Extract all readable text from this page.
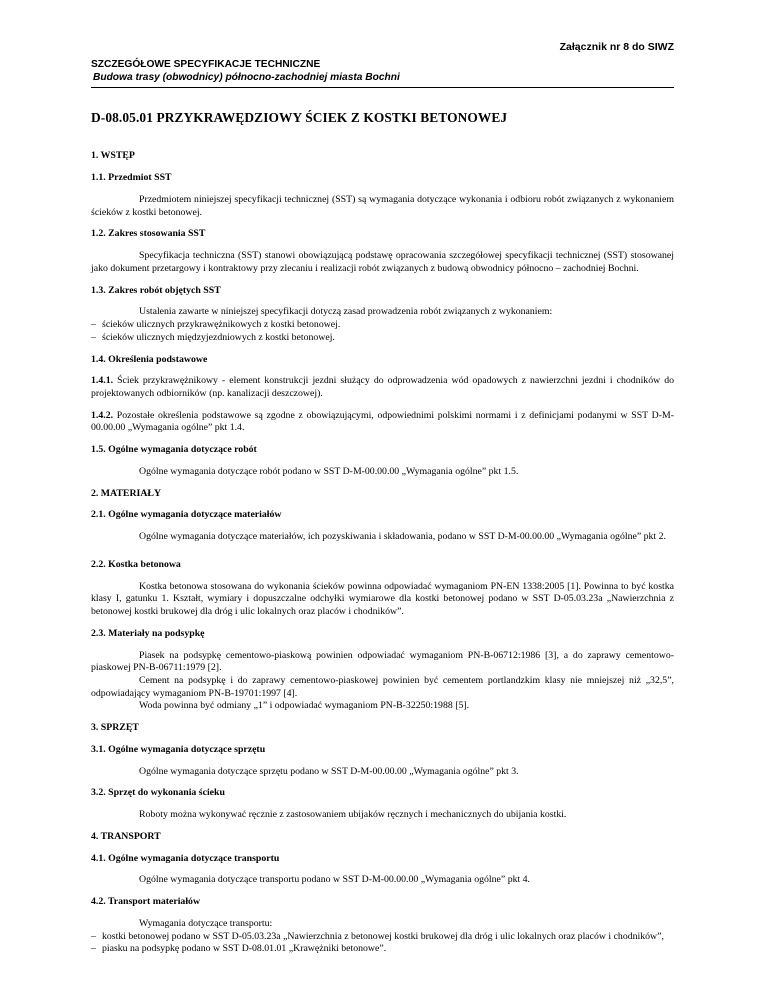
Załącznik nr 8 do SIWZ
SZCZEGÓŁOWE SPECYFIKACJE TECHNICZNE
Budowa trasy (obwodnicy) północno-zachodniej miasta Bochni
D-08.05.01 PRZYKRAWĘDZIOWY ŚCIEK Z KOSTKI BETONOWEJ
1. WSTĘP
1.1. Przedmiot SST

Przedmiotem niniejszej specyfikacji technicznej (SST) są wymagania dotyczące wykonania i odbioru robót związanych z wykonaniem ścieków z kostki betonowej.

1.2. Zakres stosowania SST

Specyfikacja techniczna (SST) stanowi obowiązującą podstawę opracowania szczegółowej specyfikacji technicznej (SST) stosowanej jako dokument przetargowy i kontraktowy przy zlecaniu i realizacji robót związanych z budową obwodnicy północno – zachodniej Bochni.

1.3. Zakres robót objętych SST

Ustalenia zawarte w niniejszej specyfikacji dotyczą zasad prowadzenia robót związanych z wykonaniem:

– ścieków ulicznych przykrawężnikowych z kostki betonowej.
– ścieków ulicznych międzyjezdniowych z kostki betonowej.
1.4. Określenia podstawowe

1.4.1. Ściek przykrawężnikowy - element konstrukcji jezdni służący do odprowadzenia wód opadowych z nawierzchni jezdni i chodników do projektowanych odbiorników (np. kanalizacji deszczowej).

1.4.2. Pozostałe określenia podstawowe są zgodne z obowiązującymi, odpowiednimi polskimi normami i z definicjami podanymi w SST D-M-00.00.00 „Wymagania ogólne” pkt 1.4.

1.5. Ogólne wymagania dotyczące robót

Ogólne wymagania dotyczące robót podano w SST D-M-00.00.00 „Wymagania ogólne” pkt 1.5.

2. MATERIAŁY
2.1. Ogólne wymagania dotyczące materiałów

Ogólne wymagania dotyczące materiałów, ich pozyskiwania i składowania, podano w SST D-M-00.00.00 „Wymagania ogólne” pkt 2.

2.2. Kostka betonowa

Kostka betonowa stosowana do wykonania ścieków powinna odpowiadać wymaganiom PN-EN 1338:2005 [1]. Powinna to być kostka klasy I, gatunku 1. Kształt, wymiary i dopuszczalne odchyłki wymiarowe dla kostki betonowej podano w SST D-05.03.23a „Nawierzchnia z betonowej kostki brukowej dla dróg i ulic lokalnych oraz placów i chodników”.

2.3. Materiały na podsypkę

Piasek na podsypkę cementowo-piaskową powinien odpowiadać wymaganiom PN-B-06712:1986 [3], a do zaprawy cementowo-piaskowej PN-B-06711:1979 [2].

Cement na podsypkę i do zaprawy cementowo-piaskowej powinien być cementem portlandzkim klasy nie mniejszej niż „32,5”, odpowiadający wymaganiom PN-B-19701:1997 [4].

Woda powinna być odmiany „1” i odpowiadać wymaganiom PN-B-32250:1988 [5].

3. SPRZĘT
3.1. Ogólne wymagania dotyczące sprzętu

Ogólne wymagania dotyczące sprzętu podano w SST D-M-00.00.00 „Wymagania ogólne” pkt 3.

3.2. Sprzęt do wykonania ścieku

Roboty można wykonywać ręcznie z zastosowaniem ubijaków ręcznych i mechanicznych do ubijania kostki.

4. TRANSPORT
4.1. Ogólne wymagania dotyczące transportu

Ogólne wymagania dotyczące transportu podano w SST D-M-00.00.00 „Wymagania ogólne” pkt 4.

4.2. Transport materiałów

Wymagania dotyczące transportu:

– kostki betonowej podano w SST D-05.03.23a „Nawierzchnia z betonowej kostki brukowej dla dróg i ulic lokalnych oraz placów i chodników”,
– piasku na podsypkę podano w SST D-08.01.01 „Krawężniki betonowe”.
